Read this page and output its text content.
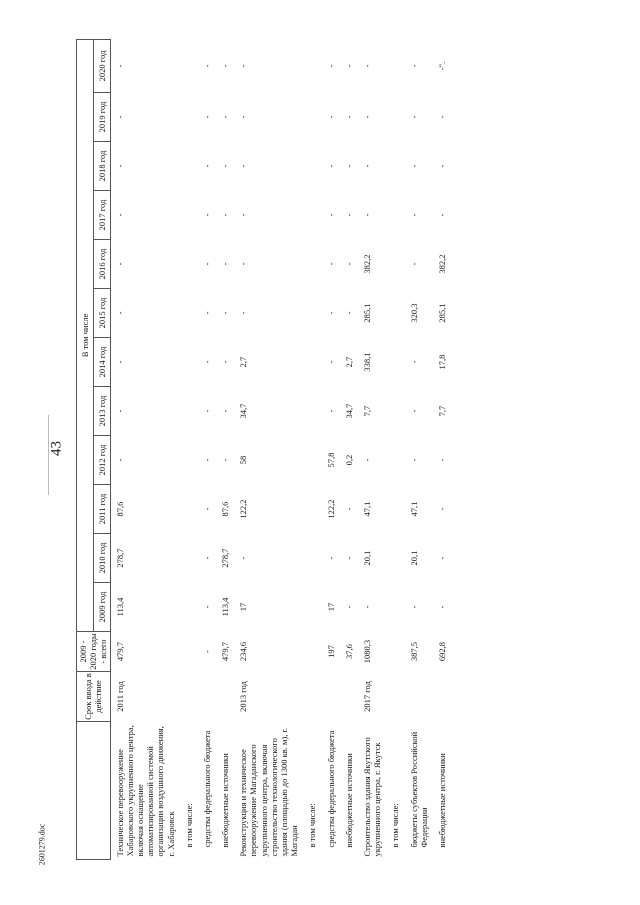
43
2601279.doc
	Срок ввода в действие	2009 - 2020 годы - всего	В том числе											
			2009 год	2010 год	2011 год	2012 год	2013 год	2014 год	2015 год	2016 год	2017 год	2018 год	2019 год	2020 год
Техническое перевооружение Хабаровского укрупненного центра, включая оснащение автоматизированной системой организации воздушного движения, г. Хабаровск	2011 год	479,7	113,4	278,7	87,6	-	-	-	-	-	-	-	-	-
в том числе:														
средства федерального бюджета		-	-	-	-	-	-	-	-	-	-	-	-	-
внебюджетные источники		479,7	113,4	278,7	87,6	-	-	-	-	-	-	-	-	-
Реконструкция и техническое перевооружение Магаданского укрупненного центра, включая строительство технологического здания (площадью до 1300 кв. м), г. Магадан	2013 год	234,6	17	-	122,2	58	34,7	2,7	-	-	-	-	-	-
в том числе:														
средства федерального бюджета		197	17	-	122,2	57,8	-	-	-	-	-	-	-	-
внебюджетные источники		37,6	-	-	-	0,2	34,7	2,7	-	-	-	-	-	-
Строительство здания Якутского укрупненного центра, г. Якутск	2017 год	1080,3	-	20,1	47,1	-	7,7	338,1	285,1	382,2	-	-	-	-
в том числе:														
бюджеты субъектов Российской Федерации		387,5	-	20,1	47,1	-	-	-	320,3	-	-	-	-	-
внебюджетные источники		692,8	-	-	-	-	7,7	17,8	285,1	382,2	-	-	-	-".
